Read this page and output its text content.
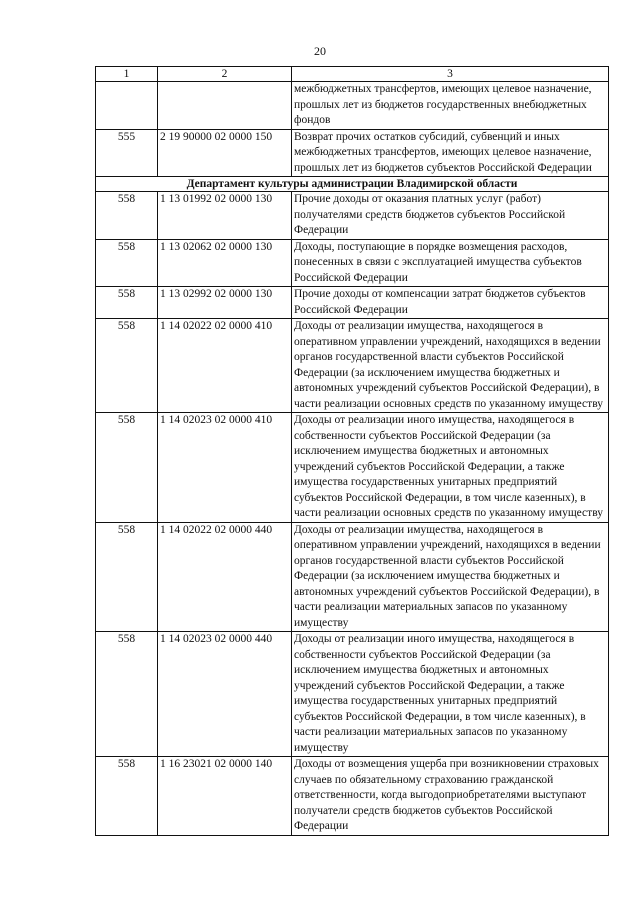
20
1	2	3
		межбюджетных трансфертов, имеющих целевое назначение, прошлых лет из бюджетов государственных внебюджетных фондов
555	2 19 90000 02 0000 150	Возврат прочих остатков субсидий, субвенций и иных межбюджетных трансфертов, имеющих целевое назначение, прошлых лет из бюджетов субъектов Российской Федерации
Департамент культуры администрации Владимирской области		
558	1 13 01992 02 0000 130	Прочие доходы от оказания платных услуг (работ) получателями средств бюджетов субъектов Российской Федерации
558	1 13 02062 02 0000 130	Доходы, поступающие в порядке возмещения расходов, понесенных в связи с эксплуатацией имущества субъектов Российской Федерации
558	1 13 02992 02 0000 130	Прочие доходы от компенсации затрат бюджетов субъектов Российской Федерации
558	1 14 02022 02 0000 410	Доходы от реализации имущества, находящегося в оперативном управлении учреждений, находящихся в ведении органов государственной власти субъектов Российской Федерации (за исключением имущества бюджетных и автономных учреждений субъектов Российской Федерации), в части реализации основных средств по указанному имуществу
558	1 14 02023 02 0000 410	Доходы от реализации иного имущества, находящегося в собственности субъектов Российской Федерации (за исключением имущества бюджетных и автономных учреждений субъектов Российской Федерации, а также имущества государственных унитарных предприятий субъектов Российской Федерации, в том числе казенных), в части реализации основных средств по указанному имуществу
558	1 14 02022 02 0000 440	Доходы от реализации имущества, находящегося в оперативном управлении учреждений, находящихся в ведении органов государственной власти субъектов Российской Федерации (за исключением имущества бюджетных и автономных учреждений субъектов Российской Федерации), в части реализации материальных запасов по указанному имуществу
558	1 14 02023 02 0000 440	Доходы от реализации иного имущества, находящегося в собственности субъектов Российской Федерации (за исключением имущества бюджетных и автономных учреждений субъектов Российской Федерации, а также имущества государственных унитарных предприятий субъектов Российской Федерации, в том числе казенных), в части реализации материальных запасов по указанному имуществу
558	1 16 23021 02 0000 140	Доходы от возмещения ущерба при возникновении страховых случаев по обязательному страхованию гражданской ответственности, когда выгодоприобретателями выступают получатели средств бюджетов субъектов Российской Федерации
